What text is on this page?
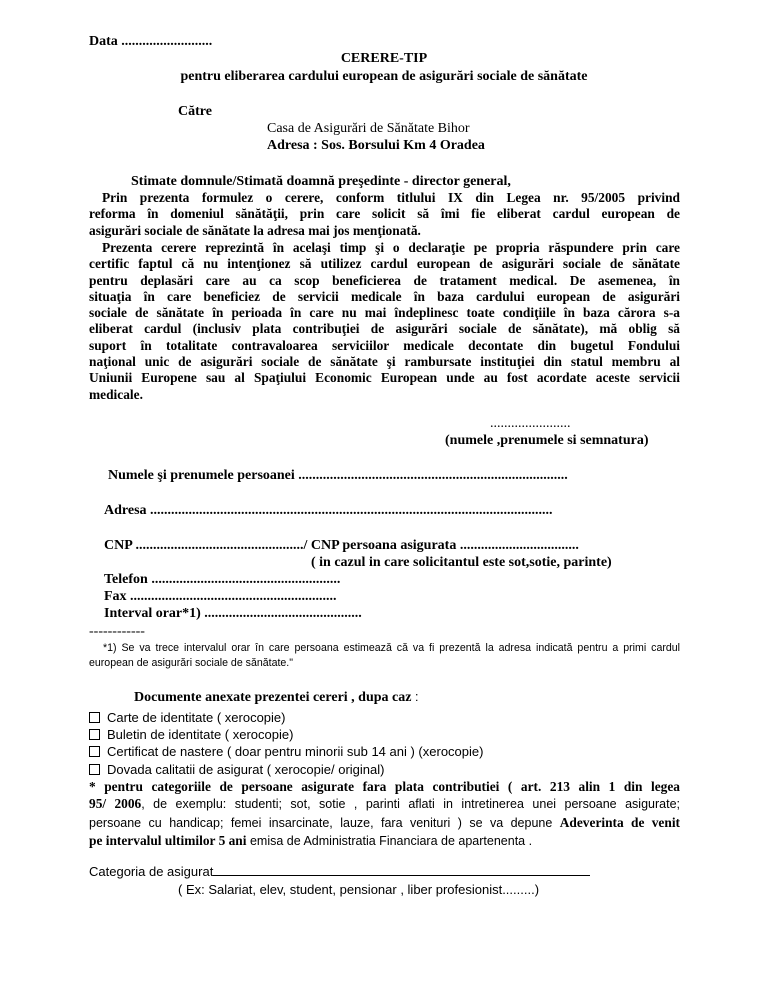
Data ..........................
CERERE-TIP
pentru eliberarea cardului european de asigurări sociale de sănătate
Către
Casa de Asigurări de Sănătate Bihor
Adresa : Sos. Borsului Km 4 Oradea
Stimate domnule/Stimată doamnă preşedinte - director general,
Prin prezenta formulez o cerere, conform titlului IX din Legea nr. 95/2005 privind
reforma în domeniul sănătăţii, prin care solicit să îmi fie eliberat cardul european de
asigurări sociale de sănătate la adresa mai jos menţionată.
Prezenta cerere reprezintă în acelaşi timp şi o declaraţie pe propria răspundere prin care
certific faptul că nu intenţionez să utilizez cardul european de asigurări sociale de sănătate
pentru deplasări care au ca scop beneficierea de tratament medical. De asemenea, în
situaţia în care beneficiez de servicii medicale în baza cardului european de asigurări
sociale de sănătate în perioada în care nu mai îndeplinesc toate condiţiile în baza cărora s-a
eliberat cardul (inclusiv plata contribuţiei de asigurări sociale de sănătate), mă oblig să
suport în totalitate contravaloarea serviciilor medicale decontate din bugetul Fondului
naţional unic de asigurări sociale de sănătate şi rambursate instituţiei din statul membru al
Uniunii Europene sau al Spaţiului Economic European unde au fost acordate aceste servicii
medicale.
.......................
(numele ,prenumele si semnatura)
Numele şi prenumele persoanei .............................................................................
Adresa ...................................................................................................................
CNP ................................................/ CNP persoana asigurata ..................................
( in cazul in care solicitantul este sot,sotie, parinte)
Telefon ......................................................
Fax ...........................................................
Interval orar*1) .............................................
------------
*1) Se va trece intervalul orar în care persoana estimează că va fi prezentă la adresa indicată pentru a primi cardul
european de asigurări sociale de sănătate."
Documente anexate prezentei cereri , dupa caz :
Carte de identitate ( xerocopie)
Buletin de identitate ( xerocopie)
Certificat de nastere ( doar pentru minorii sub 14 ani ) (xerocopie)
Dovada calitatii de asigurat ( xerocopie/ original)
* pentru categoriile de persoane asigurate fara plata contributiei ( art. 213 alin 1 din legea
95/ 2006, de exemplu: studenti; sot, sotie , parinti aflati in intretinerea unei persoane asigurate;
persoane cu handicap; femei insarcinate, lauze, fara venituri ) se va depune Adeverinta de venit
pe intervalul ultimilor 5 ani emisa de Administratia Financiara de apartenenta .
Categoria de asigurat
( Ex: Salariat, elev, student, pensionar , liber profesionist.........)
